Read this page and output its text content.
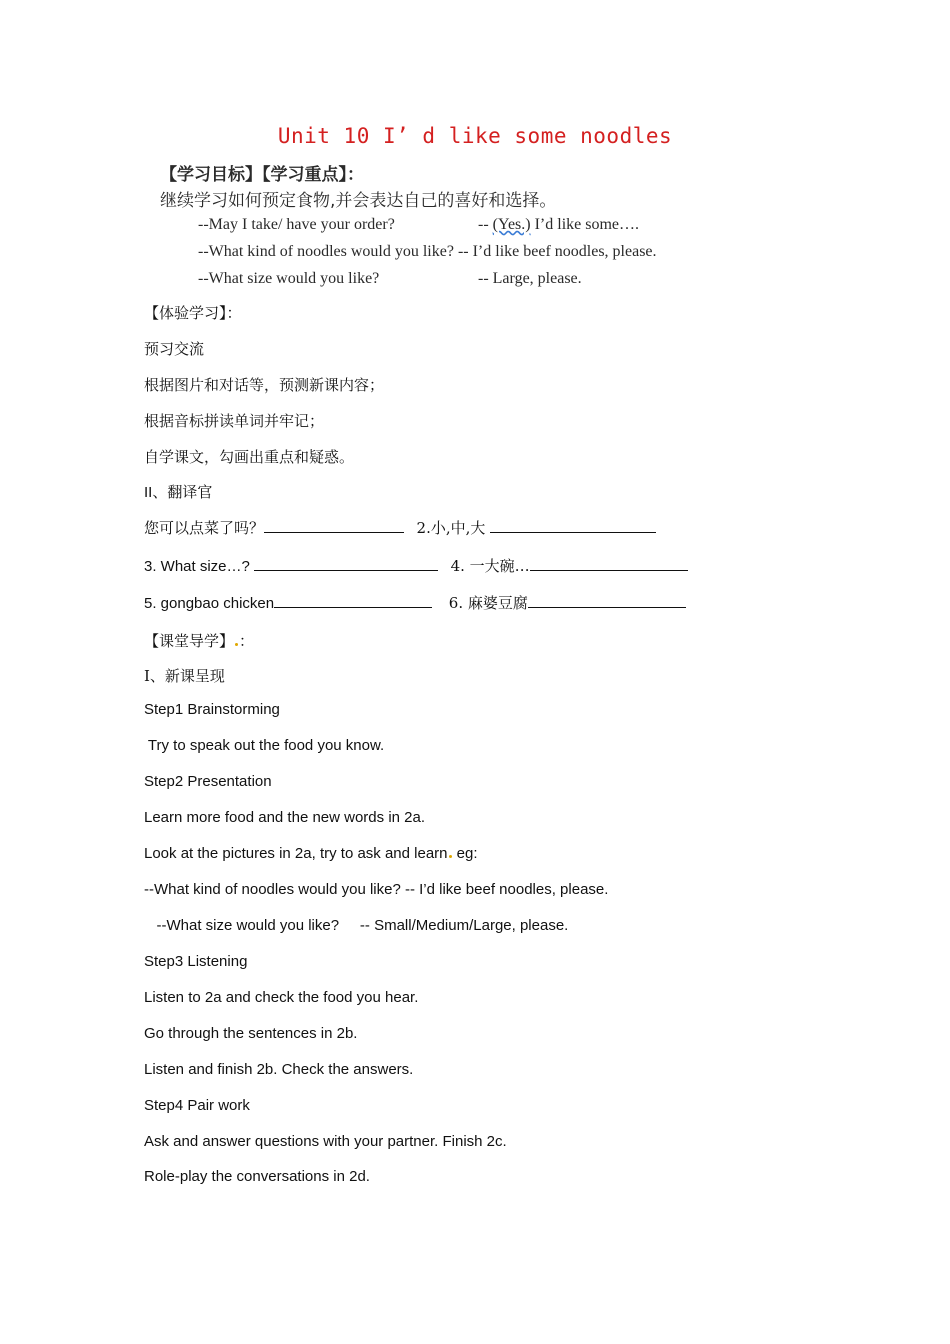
Unit 10 I’ d like some noodles
【学习目标】【学习重点】：
继续学习如何预定食物,并会表达自己的喜好和选择。
--May I take/ have your order?	-- (Yes.) I’d like some….
--What kind of noodles would you like? -- I’d like beef noodles, please.
--What size would you like?	-- Large, please.
【体验学习】：
预习交流
根据图片和对话等，预测新课内容；
根据音标拼读单词并牢记；
自学课文，勾画出重点和疑惑。
II、翻译官
您可以点菜了吗？	2.小,中,大
3. What size…?	4. 一大碗…
5. gongbao chicken	6. 麻婆豆腐
【课堂导学】 ：
I、新课呈现
Step1 Brainstorming
Try to speak out the food you know.
Step2 Presentation
Learn more food and the new words in 2a.
Look at the pictures in 2a, try to ask and learn eg:
--What kind of noodles would you like? -- I’d like beef noodles, please.
--What size would you like?     -- Small/Medium/Large, please.
Step3 Listening
Listen to 2a and check the food you hear.
Go through the sentences in 2b.
Listen and finish 2b. Check the answers.
Step4 Pair work
Ask and answer questions with your partner. Finish 2c.
Role-play the conversations in 2d.
